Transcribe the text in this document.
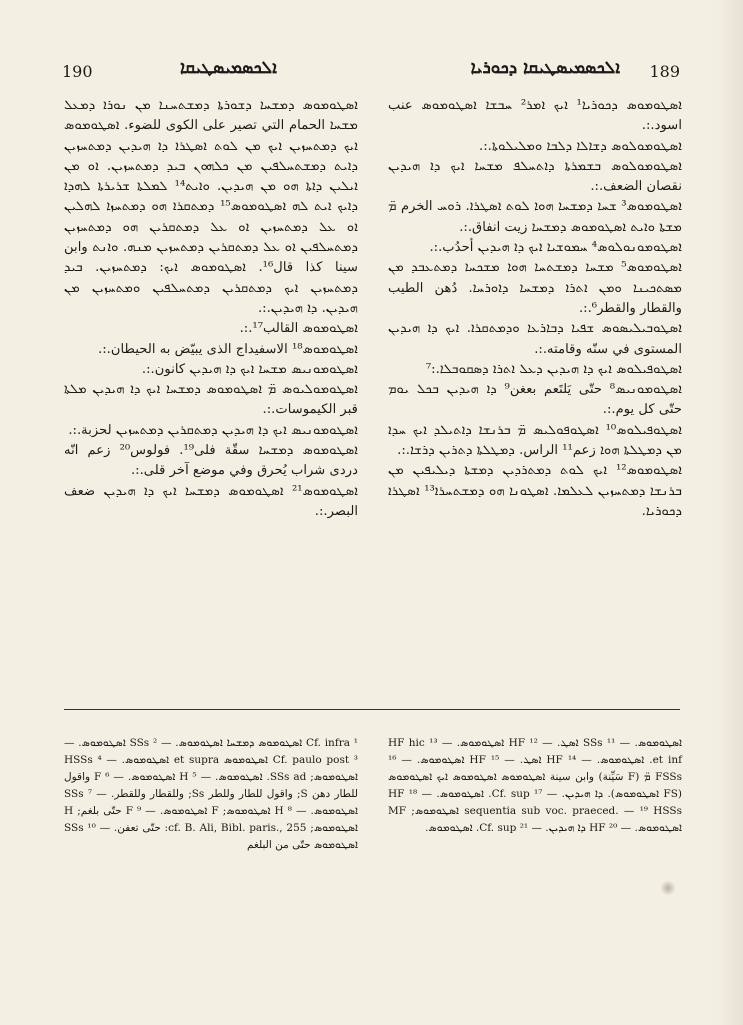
190	ܐܠܟܣܡܝܣܛܝܩܐ	ܐܠܟܣܡܝܣܛܝܩܐ ܕܟܘܪܝܐ 189

ܐܣܛܘܡܘܣ ܕܟܘܪܝܐ¹ ܐܝܟ ܐܡܪ² ܚܒܫܐ ܐܣܛܘܡܘܣ عنب اسود.:.

ܐܣܛܘܡܘܠܘܣ ܕܫܐܠܐ ܕܠܒܐ ܘܡܠܝܠܘܬܐ.:.

ܐܣܛܘܡܘܠܘܣ ܒܫܡܪܬܐ ܕܐܬܚܠܦ ܡܫܚܐ ܐܝܟ ܕܐ ܗܝܕܝܢ نقصان الضعف.:.

ܐܣܛܘܡܘܣ³ ܫܚܐ ܕܡܫܚܐ ܗܘܐ ܠܘܬ ܐܣܛܪܐ. ܪܘܚ الخرم ܡ̈ ܡܫܬܐ ܘܐܝܬ ܐܣܛܘܡܘܣ ܕܡܫܚܐ زيت انفاق.:.

ܐܣܛܘܡܘܢܘܠܘܣ⁴ ܚܡܘܫܝܐ ܐܝܟ ܕܐ ܗܝܕܝܢ أحدُب.:.

ܐܣܛܘܡܘܣ⁵ ܡܫܚܐ ܕܡܫܬܚܐ ܗܘܐ ܡܫܟܚܐ ܕܡܬܥܒܕ ܡܢ ܡܣܬܟܝܢܐ ܘܡܢ ܐܬܪܐ ܕܡܫܚܐ ܕܐܘܪܚܐ. دُهن الطيب والقطار والقطر⁶.:.

ܐܣܛܘܒܝܠܝܣܘܣ ܫܦܝܐ ܕܒܐܪܥܐ ܘܕܡܬܩܪܐ. ܐܝܟ ܕܐ ܗܝܕܝܢ المستوى في سنّه وقامته.:.

ܐܣܛܘܦܝܠܘܣ ܐܝܟ ܕܐ ܗܝܕܝܢ ܕܥܠ ܐܬܪܐ ܕܣܩܘܒܠܐ.:⁷

ܐܣܛܘܡܘܢܝܣ⁸ حتّى يَلتَعم بعغن⁹ ܕܐ ܗܝܕܝܢ ܒܟܠ ܝܘܡ حتّى كل يوم.:.

ܐܣܛܘܦܝܠܘܣ¹⁰ ܐܣܛܘܦܘܠܝܣ ܡ̈ ܒܪܢܫܐ ܕܐܬܝܠܕ ܐܝܟ ܚܕܐ ܡܢ ܕܡܛܠܬܐ ܗܘܐ زعم¹¹ الراس. ܕܡܛܠܬܐ ܕܬܪܝܢ ܕܪܫܐ.:.

ܐܣܛܘܡܘܣ¹² ܐܝܟ ܠܘܬ ܕܡܬܪܕܝܢ ܕܡܫܬܐ ܕܝܠܝܦܝܢ ܡܢ ܒܪܢܫܐ ܕܡܬܚܙܝܢ ܠܥܠܡܐ. ܐܣܛܘܢܐ ܗܘ ܕܡܫܬܚܪܐ¹³ ܐܣܛܪܐ ܕܟܘܪܝܐ.

ܐܣܛܘܡܘܣ ܕܡܫܚܐ ܕܫܘܪܬܐ ܕܡܫܬܚܢܐ ܡܢ ܢܘܪܐ ܕܡܥܠ ܡܫܚܐ الحمام التي تصير على الكوى للضوء. ܐܣܛܘܡܘܣ ܐܝܟ ܕܡܬܚܙܝܢ ܐܝܟ ܡܢ ܠܘܬ ܐܣܛܪܐ ܕܐ ܗܝܕܝܢ ܕܡܬܚܙܝܢ ܕܐܝܬ ܕܡܫܬܚܠܦܝܢ ܡܢ ܟܠܗܘܢ ܒܝܕ ܕܡܬܚܙܝܢ. ܐܘ ܡܢ ܐܝܠܝܢ ܕܐܬܐ ܗܘ ܡܢ ܗܝܕܝܢ. ܘܐܝܬ¹⁴ ܠܡܠܬܐ ܫܪܝܪܬܐ ܠܗܕܐ ܕܐܝܟ ܐܝܬ ܠܗ ܐܣܛܘܡܘܣ¹⁵ ܕܡܬܩܪܐ ܗܘ ܕܡܬܚܙܐ ܠܗܠܝܢ ܐܘ ܥܠ ܕܡܬܚܙܝܢ ܐܘ ܥܠ ܕܡܬܩܪܝܢ ܗܘ ܕܡܬܚܙܝܢ ܕܡܬܚܠܦܝܢ ܐܘ ܥܠ ܕܡܬܩܪܝܢ ܕܡܬܚܙܝܢ ܡܢܗ. ܘܐܢܬ وابن سينا كذا قال¹⁶. ܐܣܛܘܡܘܣ ܐܝܟ: ܕܡܬܚܙܝܢ. ܒܝܕ ܕܡܬܚܙܝܢ ܐܝܟ ܕܡܬܩܪܝܢ ܕܡܬܚܠܦܝܢ ܘܡܬܚܙܝܢ ܡܢ ܗܝܕܝܢ. ܕܐ ܗܝܕܝܢ.:.

ܐܣܛܘܡܘܣ القالب¹⁷.:.

ܐܣܛܘܡܘܣ¹⁸ الاسفيداج الذى يبيّض به الحيطان.:.

ܐܣܛܘܡܘܢܝܣ ܡܫܚܐ ܐܝܟ ܕܐ ܗܝܕܝܢ كانون.:.

ܐܣܛܘܡܘܠܝܘܣ ܡ̈ ܐܣܛܘܡܘܣ ܕܡܫܚܐ ܐܝܟ ܕܐ ܗܝܕܝܢ ܡܠܬܐ قبر الكيموسات.:.

ܐܣܛܘܡܘܢܝܣ ܐܝܟ ܕܐ ܗܝܕܝܢ ܕܡܬܩܪܝܢ ܕܡܬܚܙܝܢ لحزبة.:.

ܐܣܛܘܡܘܣ ܕܡܫܚܐ سقّة فلى¹⁹. فولوس²⁰ زعم انّه دردى شراب يُحرق وفي موضع آخر قلى.:.

ܐܣܛܘܡܘܣ²¹ ܐܣܛܘܡܘܣ ܕܡܫܚܐ ܐܝܟ ܕܐ ܗܝܕܝܢ ضعف البصر.:.

ܐܣܛܘܡܘܣ. — ¹¹ SSs ܐܣܛ. — ¹² HF ܐܣܛܘܡܘܣ. — ¹³ HF hic et inf. ܐܣܛܘܡܘܣ. — ¹⁴ HF ܐܣܛ. — ¹⁵ HF ܐܣܛܘܡܘܣ. — ¹⁶ FSSs ܡ̈ (F سَيِّنة) وابن سينة ܐܣܛܘܡܘܣ ܐܣܛܘܡܘܣ ܐܝܟ ܐܣܛܘܡܘܣ (FS ܐܣܛܘܡܘܣ). ܕܐ ܗܝܕܝܢ. — ¹⁷ Cf. sup. ܐܣܛܘܡܘܣ. — ¹⁸ HF sequentia sub voc. praeced. — ¹⁹ HSSs ܐܣܛܘܡܘܣ; MF ܐܣܛܘܡܘܣ. — ²⁰ HF ܕܐ ܗܝܕܝܢ. — ²¹ Cf. sup. ܐܣܛܘܡܘܣ.
¹ Cf. infra ܐܣܛܘܡܘܣ ܕܡܫܚܐ ܐܣܛܘܡܘܣ. — ² SSs ܐܣܛܘܡܘܣ. — ³ Cf. paulo post ܐܣܛܘܡܘܣ et supra ܐܣܛܘܡܘܣ. — ⁴ HSSs ܐܣܛܘܡܘܣ; SSs ad. ܐܣܛܘܡܘܣ. — ⁵ H ܐܣܛܘܡܘܣ. — ⁶ F واقول للطار دهن S; واقول للطار وللطر Ss; وللقطار وللقطر. — ⁷ SSs ܐܣܛܘܡܘܣ. — ⁸ H ܐܣܛܘܡܘܣ; F ܐܣܛܘܡܘܣ. — ⁹ F حتّى بلغم; H ܐܣܛܘܡܘܣ; cf. B. Ali, Bibl. paris., 255: حتّى تعفن. — ¹⁰ SSs ܐܣܛܘܡܘܣ حتّى من البلغم
